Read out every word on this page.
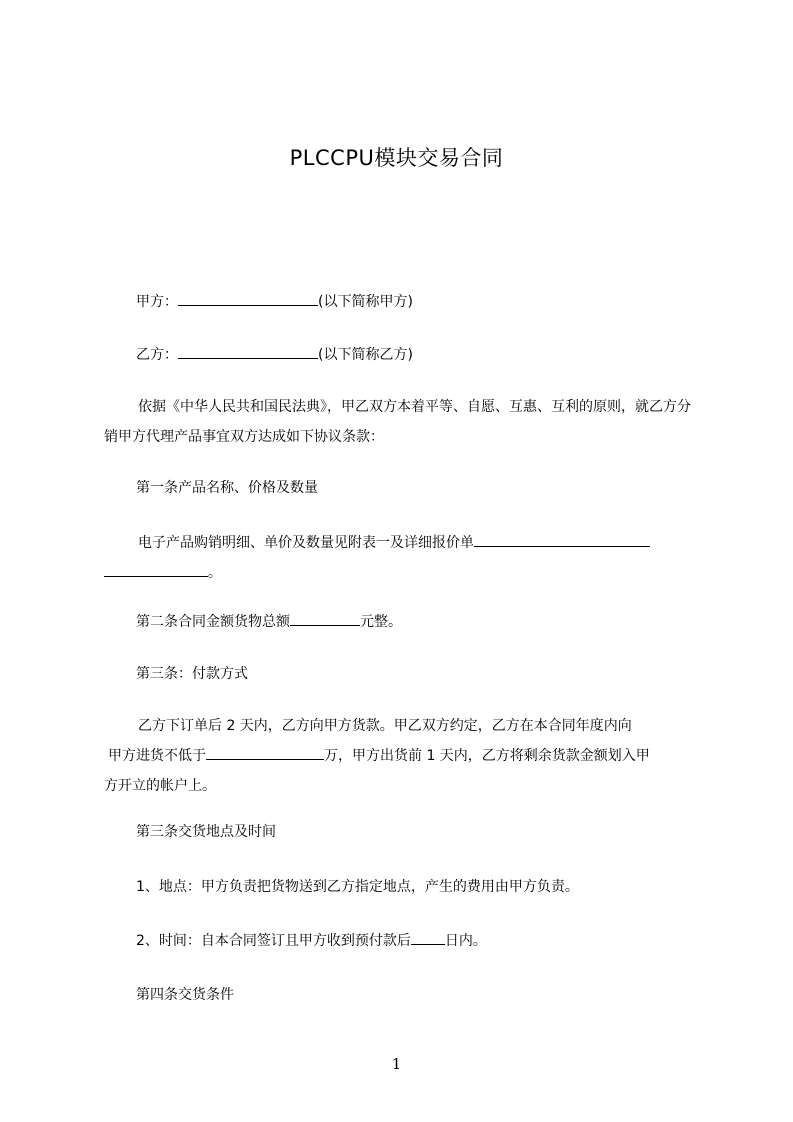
PLCCPU模块交易合同
甲方：	(以下简称甲方)
乙方：	(以下简称乙方)
依据《中华人民共和国民法典》，甲乙双方本着平等、自愿、互惠、互利的原则，就乙方分销甲方代理产品事宜双方达成如下协议条款：
第一条产品名称、价格及数量
电子产品购销明细、单价及数量见附表一及详细报价单
。
第二条合同金额货物总额	元整。
第三条：付款方式
乙方下订单后 2 天内，乙方向甲方货款。甲乙双方约定，乙方在本合同年度内向
甲方进货不低于	万，甲方出货前 1 天内，乙方将剩余货款金额划入甲
方开立的帐户上。
第三条交货地点及时间
1、地点：甲方负责把货物送到乙方指定地点，产生的费用由甲方负责。
2、时间：自本合同签订且甲方收到预付款后 日内。
第四条交货条件
1
